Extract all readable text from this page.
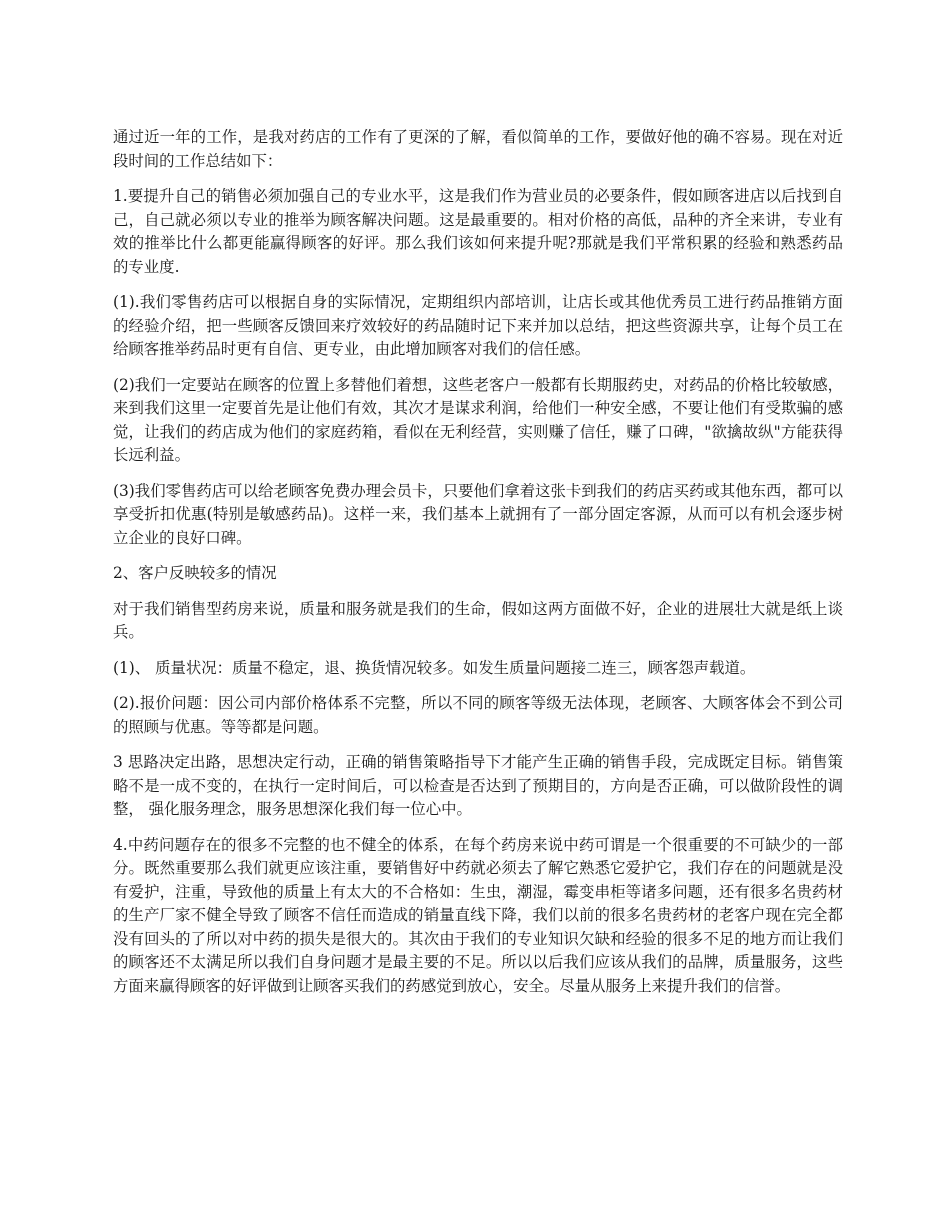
通过近一年的工作，是我对药店的工作有了更深的了解，看似简单的工作，要做好他的确不容易。现在对近段时间的工作总结如下：

1.要提升自己的销售必须加强自己的专业水平，这是我们作为营业员的必要条件，假如顾客进店以后找到自己，自己就必须以专业的推举为顾客解决问题。这是最重要的。相对价格的高低，品种的齐全来讲，专业有效的推举比什么都更能赢得顾客的好评。那么我们该如何来提升呢?那就是我们平常积累的经验和熟悉药品的专业度.

(1).我们零售药店可以根据自身的实际情况，定期组织内部培训，让店长或其他优秀员工进行药品推销方面的经验介绍，把一些顾客反馈回来疗效较好的药品随时记下来并加以总结，把这些资源共享，让每个员工在给顾客推举药品时更有自信、更专业，由此增加顾客对我们的信任感。

(2)我们一定要站在顾客的位置上多替他们着想，这些老客户一般都有长期服药史，对药品的价格比较敏感，来到我们这里一定要首先是让他们有效，其次才是谋求利润，给他们一种安全感，不要让他们有受欺骗的感觉，让我们的药店成为他们的家庭药箱，看似在无利经营，实则赚了信任，赚了口碑，"欲擒故纵"方能获得长远利益。

(3)我们零售药店可以给老顾客免费办理会员卡，只要他们拿着这张卡到我们的药店买药或其他东西，都可以享受折扣优惠(特别是敏感药品)。这样一来，我们基本上就拥有了一部分固定客源，从而可以有机会逐步树立企业的良好口碑。

2、客户反映较多的情况

对于我们销售型药房来说，质量和服务就是我们的生命，假如这两方面做不好，企业的进展壮大就是纸上谈兵。

(1)、 质量状况：质量不稳定，退、换货情况较多。如发生质量问题接二连三，顾客怨声载道。

(2).报价问题：因公司内部价格体系不完整，所以不同的顾客等级无法体现，老顾客、大顾客体会不到公司的照顾与优惠。等等都是问题。

3 思路决定出路，思想决定行动，正确的销售策略指导下才能产生正确的销售手段，完成既定目标。销售策略不是一成不变的，在执行一定时间后，可以检查是否达到了预期目的，方向是否正确，可以做阶段性的调整， 强化服务理念，服务思想深化我们每一位心中。

4.中药问题存在的很多不完整的也不健全的体系，在每个药房来说中药可谓是一个很重要的不可缺少的一部分。既然重要那么我们就更应该注重，要销售好中药就必须去了解它熟悉它爱护它，我们存在的问题就是没有爱护，注重，导致他的质量上有太大的不合格如：生虫，潮湿，霉变串柜等诸多问题，还有很多名贵药材的生产厂家不健全导致了顾客不信任而造成的销量直线下降，我们以前的很多名贵药材的老客户现在完全都没有回头的了所以对中药的损失是很大的。其次由于我们的专业知识欠缺和经验的很多不足的地方而让我们的顾客还不太满足所以我们自身问题才是最主要的不足。所以以后我们应该从我们的品牌，质量服务，这些方面来赢得顾客的好评做到让顾客买我们的药感觉到放心，安全。尽量从服务上来提升我们的信誉。
